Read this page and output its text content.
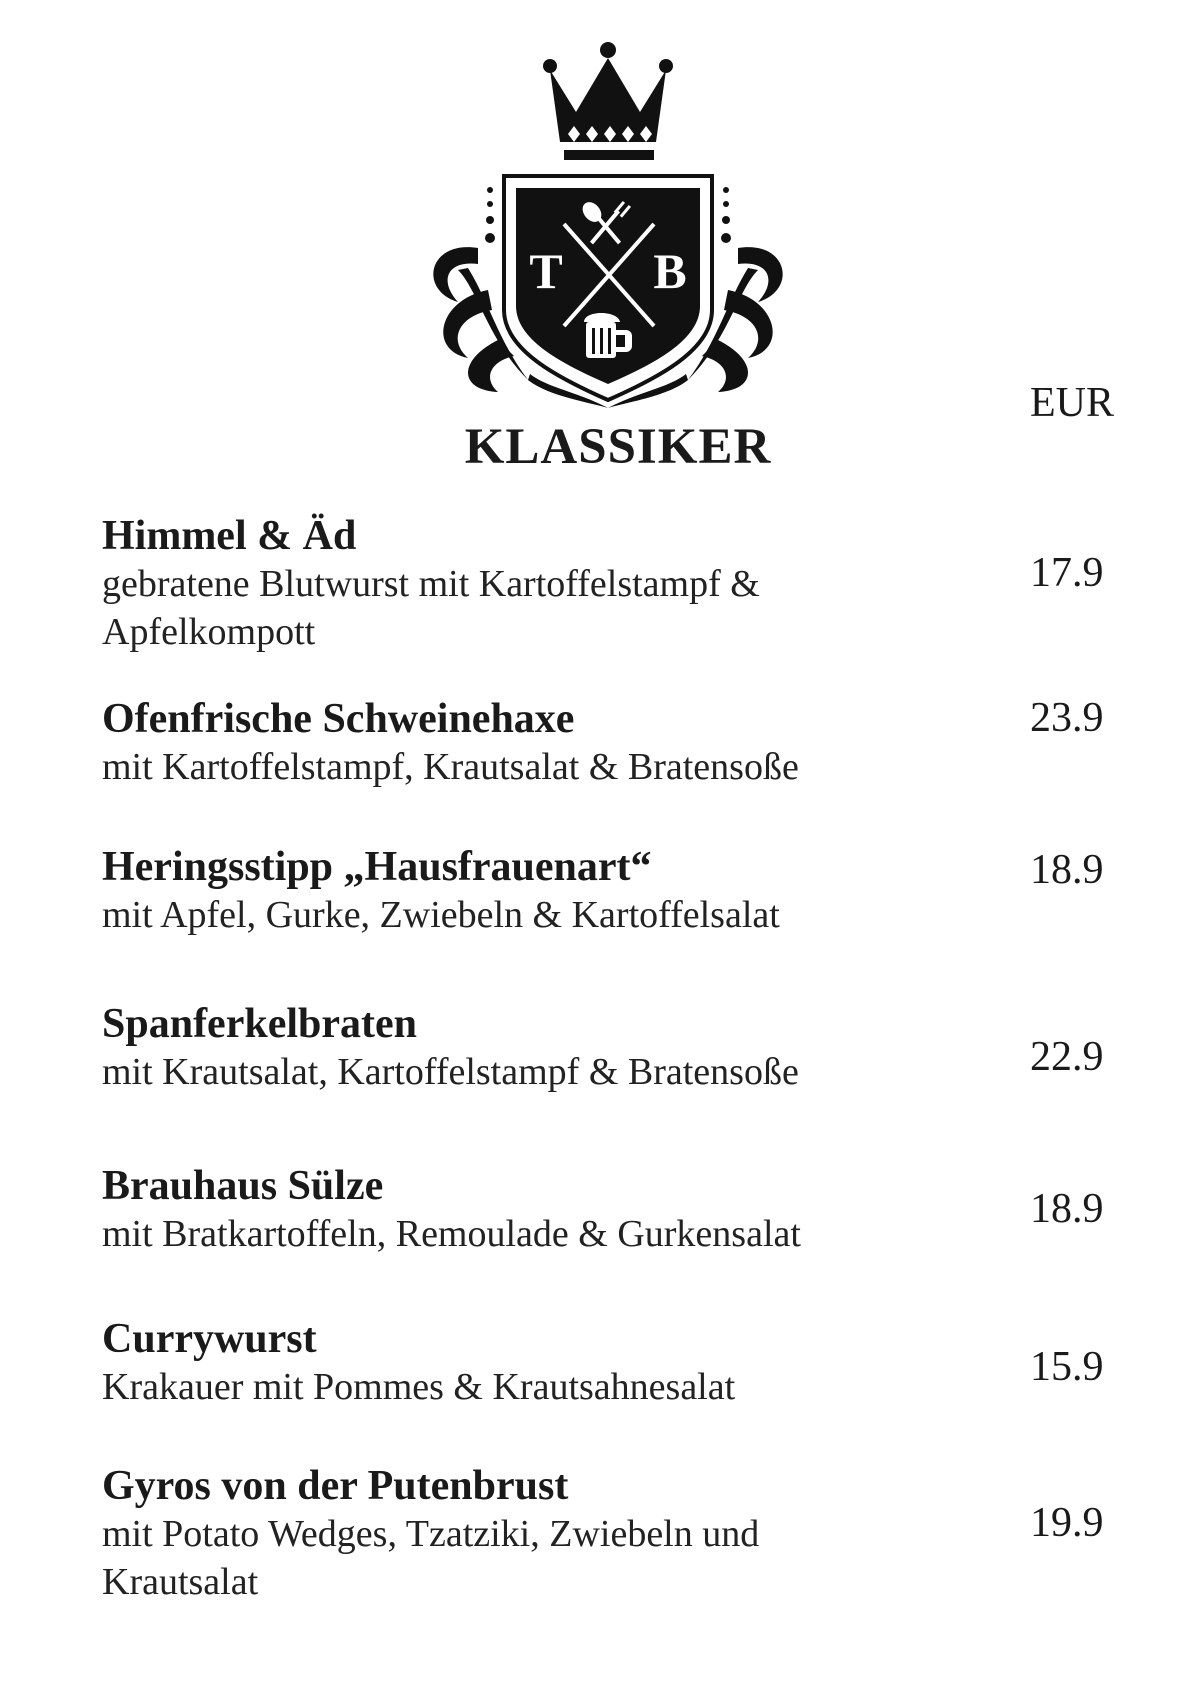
T B
EUR
KLASSIKER

Himmel & Äd

gebratene Blutwurst mit Kartoffelstampf & Apfelkompott

17.9

Ofenfrische Schweinehaxe

mit Kartoffelstampf, Krautsalat & Bratensoße

23.9

Heringsstipp „Hausfrauenart“

mit Apfel, Gurke, Zwiebeln & Kartoffelsalat

18.9

Spanferkelbraten

mit Krautsalat, Kartoffelstampf & Bratensoße	22.9

Brauhaus Sülze

mit Bratkartoffeln, Remoulade & Gurkensalat

18.9

Currywurst

Krakauer mit Pommes & Krautsahnesalat	15.9

Gyros von der Putenbrust

mit Potato Wedges, Tzatziki, Zwiebeln und Krautsalat

19.9
